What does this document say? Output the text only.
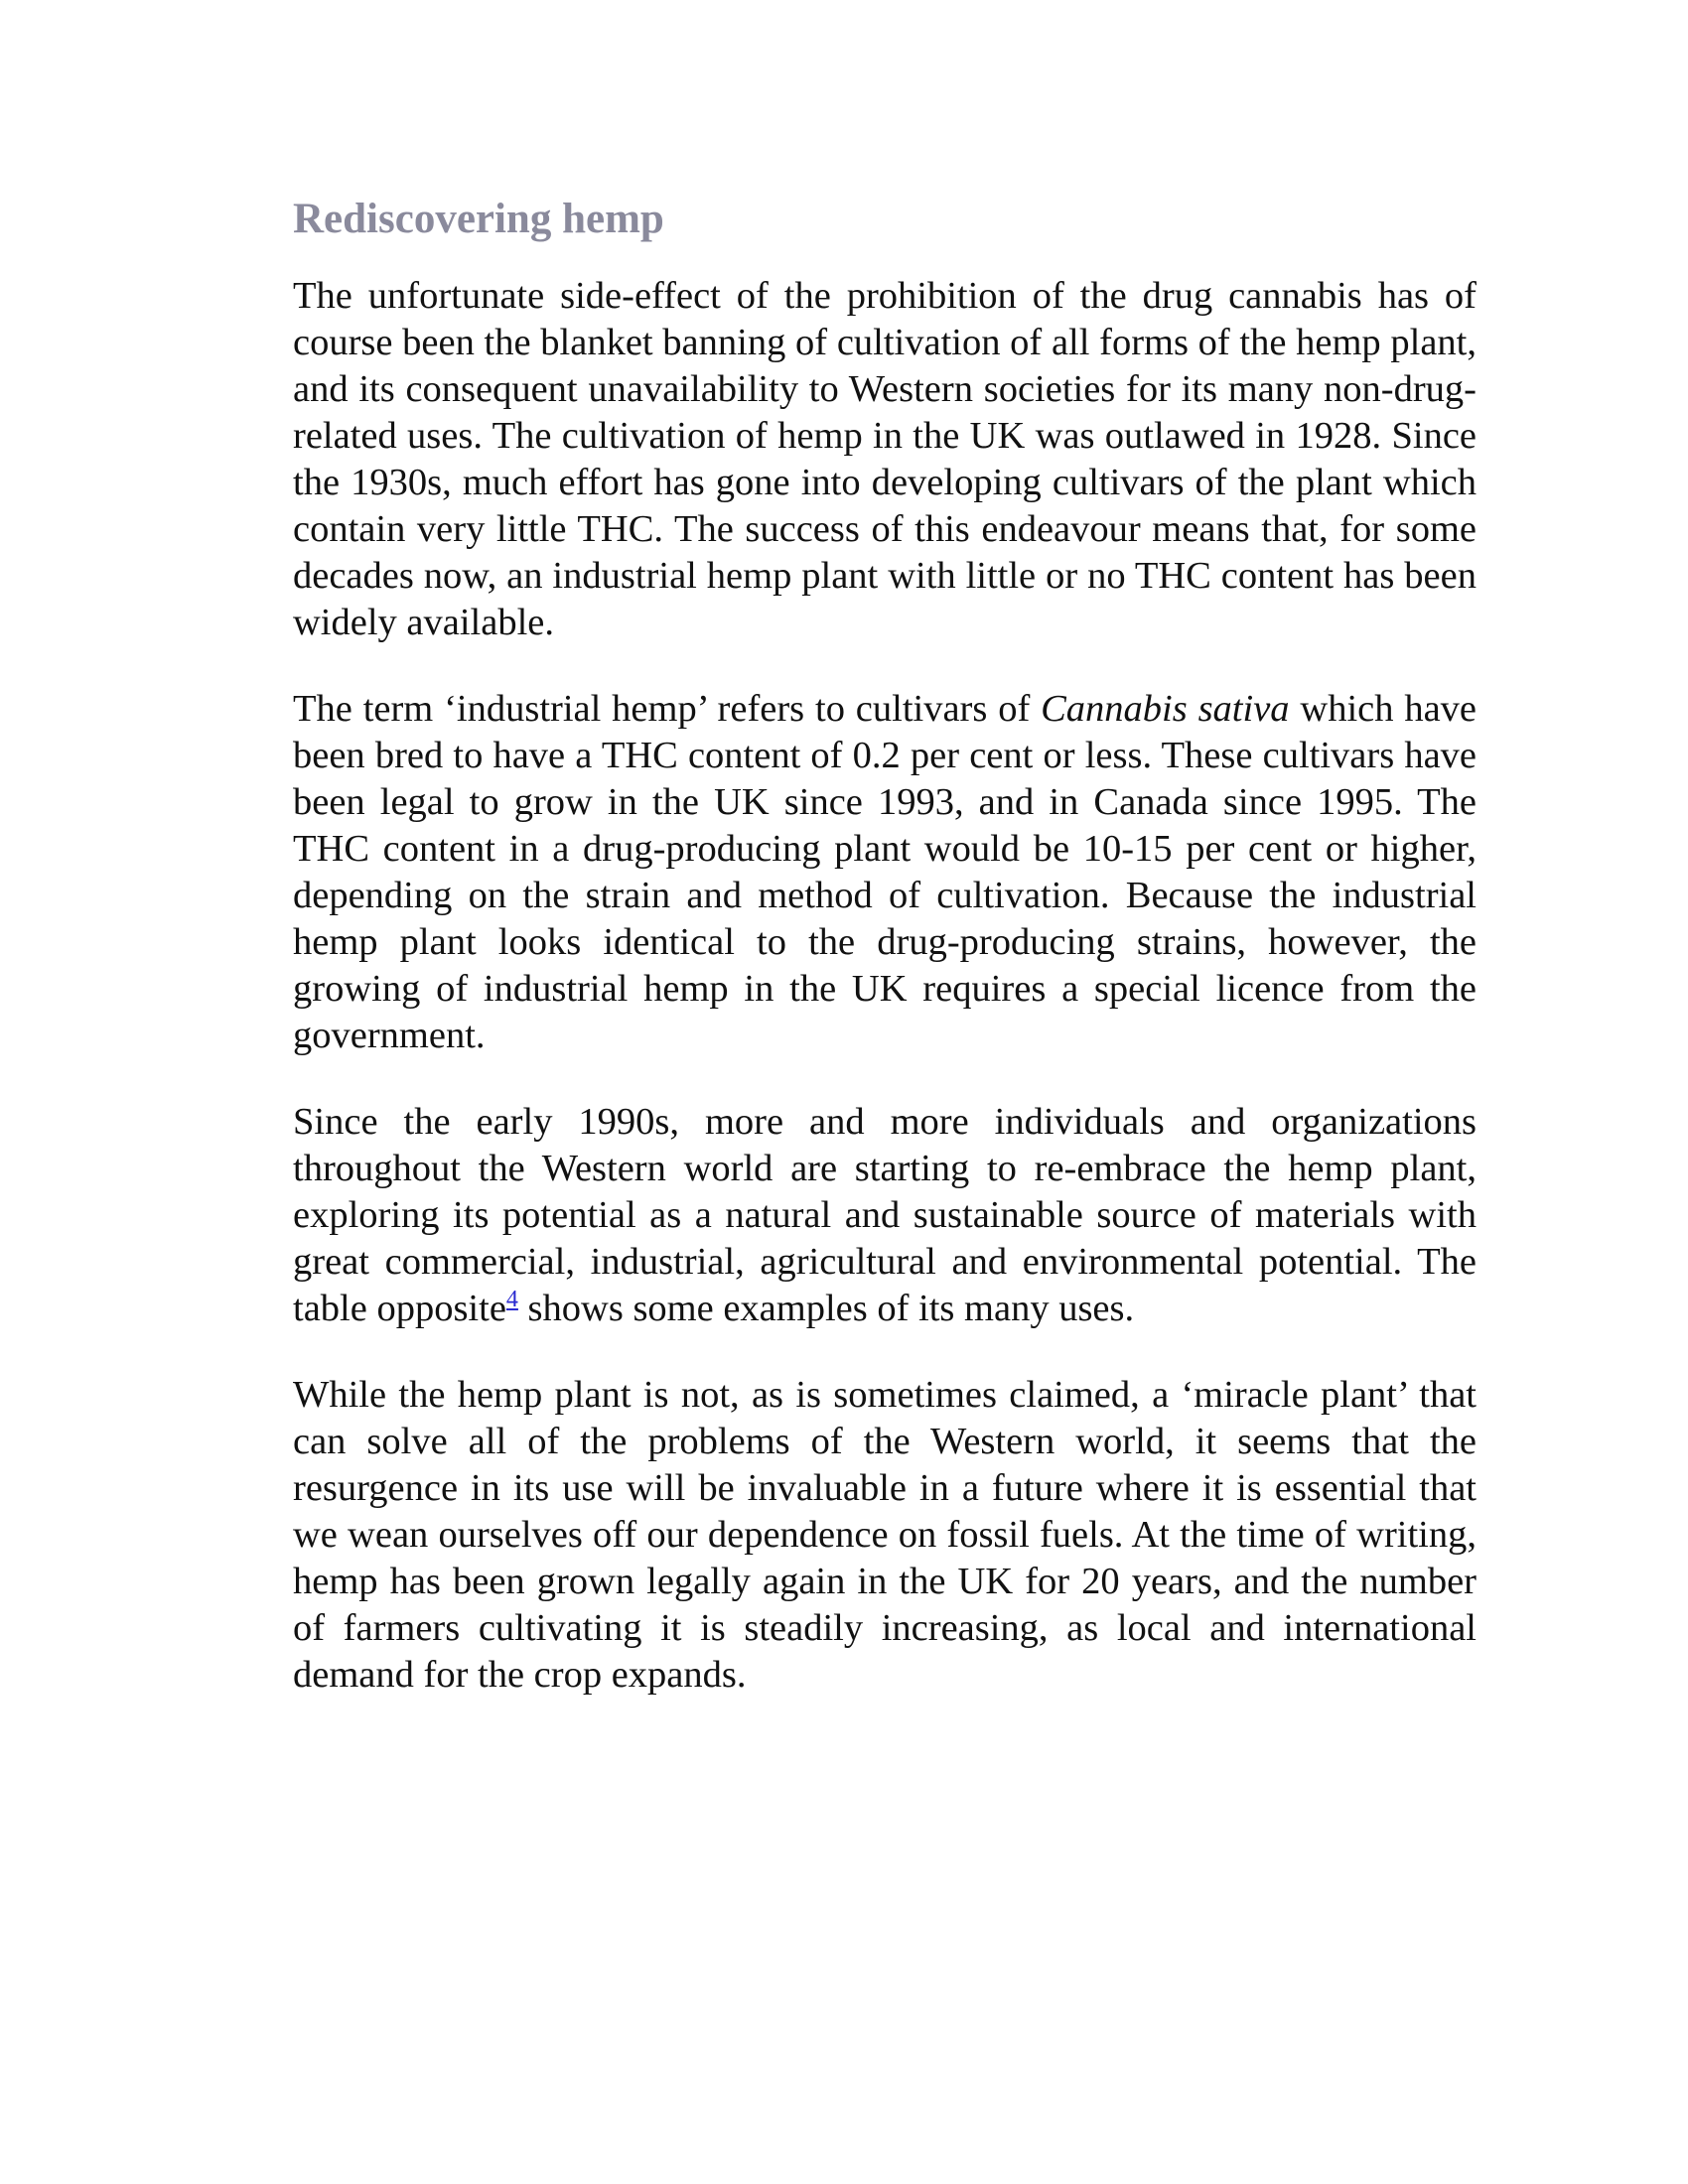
Rediscovering hemp

The unfortunate side-effect of the prohibition of the drug cannabis has of course been the blanket banning of cultivation of all forms of the hemp plant, and its consequent unavailability to Western societies for its many non-drug-related uses. The cultivation of hemp in the UK was outlawed in 1928. Since the 1930s, much effort has gone into developing cultivars of the plant which contain very little THC. The success of this endeavour means that, for some decades now, an industrial hemp plant with little or no THC content has been widely available.

The term ‘industrial hemp’ refers to cultivars of Cannabis sativa which have been bred to have a THC content of 0.2 per cent or less. These cultivars have been legal to grow in the UK since 1993, and in Canada since 1995. The THC content in a drug-producing plant would be 10-15 per cent or higher, depending on the strain and method of cultivation. Because the industrial hemp plant looks identical to the drug-producing strains, however, the growing of industrial hemp in the UK requires a special licence from the government.

Since the early 1990s, more and more individuals and organizations throughout the Western world are starting to re-embrace the hemp plant, exploring its potential as a natural and sustainable source of materials with great commercial, industrial, agricultural and environmental potential. The table opposite$^4$ shows some examples of its many uses.

While the hemp plant is not, as is sometimes claimed, a ‘miracle plant’ that can solve all of the problems of the Western world, it seems that the resurgence in its use will be invaluable in a future where it is essential that we wean ourselves off our dependence on fossil fuels. At the time of writing, hemp has been grown legally again in the UK for 20 years, and the number of farmers cultivating it is steadily increasing, as local and international demand for the crop expands.
